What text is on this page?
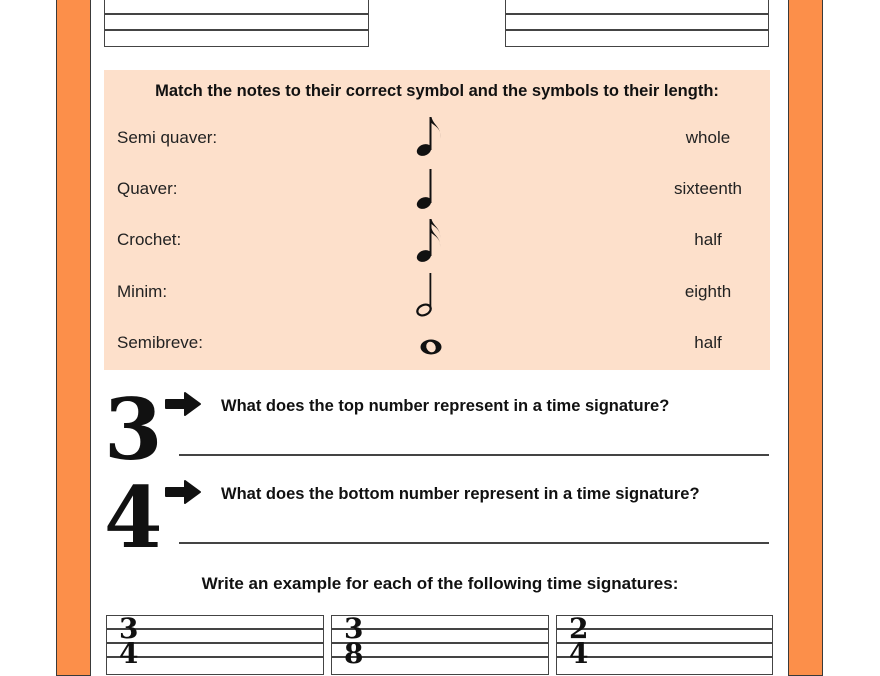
Match the notes to their correct symbol and the symbols to their length:
Semi quaver:
Quaver:
Crochet:
Minim:
Semibreve:
whole
sixteenth
half
eighth
half
3	What does the top number represent in a time signature?
4	What does the bottom number represent in a time signature?
Write an example for each of the following time signatures:
3
4
3
8
2
4
